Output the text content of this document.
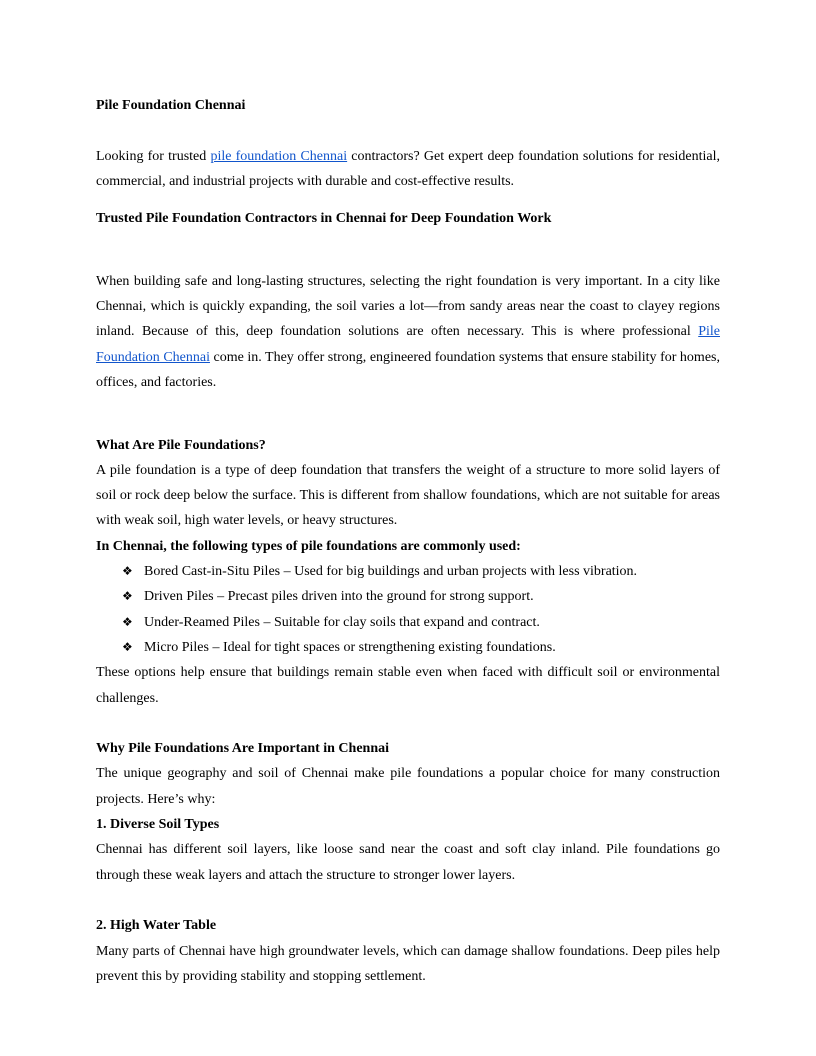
Pile Foundation Chennai

Looking for trusted pile foundation Chennai contractors? Get expert deep foundation solutions for residential, commercial, and industrial projects with durable and cost-effective results.

Trusted Pile Foundation Contractors in Chennai for Deep Foundation Work

When building safe and long-lasting structures, selecting the right foundation is very important. In a city like Chennai, which is quickly expanding, the soil varies a lot—from sandy areas near the coast to clayey regions inland. Because of this, deep foundation solutions are often necessary. This is where professional Pile Foundation Chennai come in. They offer strong, engineered foundation systems that ensure stability for homes, offices, and factories.

What Are Pile Foundations?

A pile foundation is a type of deep foundation that transfers the weight of a structure to more solid layers of soil or rock deep below the surface. This is different from shallow foundations, which are not suitable for areas with weak soil, high water levels, or heavy structures.

In Chennai, the following types of pile foundations are commonly used:

❖ Bored Cast-in-Situ Piles – Used for big buildings and urban projects with less vibration.
❖ Driven Piles – Precast piles driven into the ground for strong support.
❖ Under-Reamed Piles – Suitable for clay soils that expand and contract.
❖ Micro Piles – Ideal for tight spaces or strengthening existing foundations.

These options help ensure that buildings remain stable even when faced with difficult soil or environmental challenges.

Why Pile Foundations Are Important in Chennai

The unique geography and soil of Chennai make pile foundations a popular choice for many construction projects. Here’s why:

1. Diverse Soil Types

Chennai has different soil layers, like loose sand near the coast and soft clay inland. Pile foundations go through these weak layers and attach the structure to stronger lower layers.

2. High Water Table

Many parts of Chennai have high groundwater levels, which can damage shallow foundations. Deep piles help prevent this by providing stability and stopping settlement.
